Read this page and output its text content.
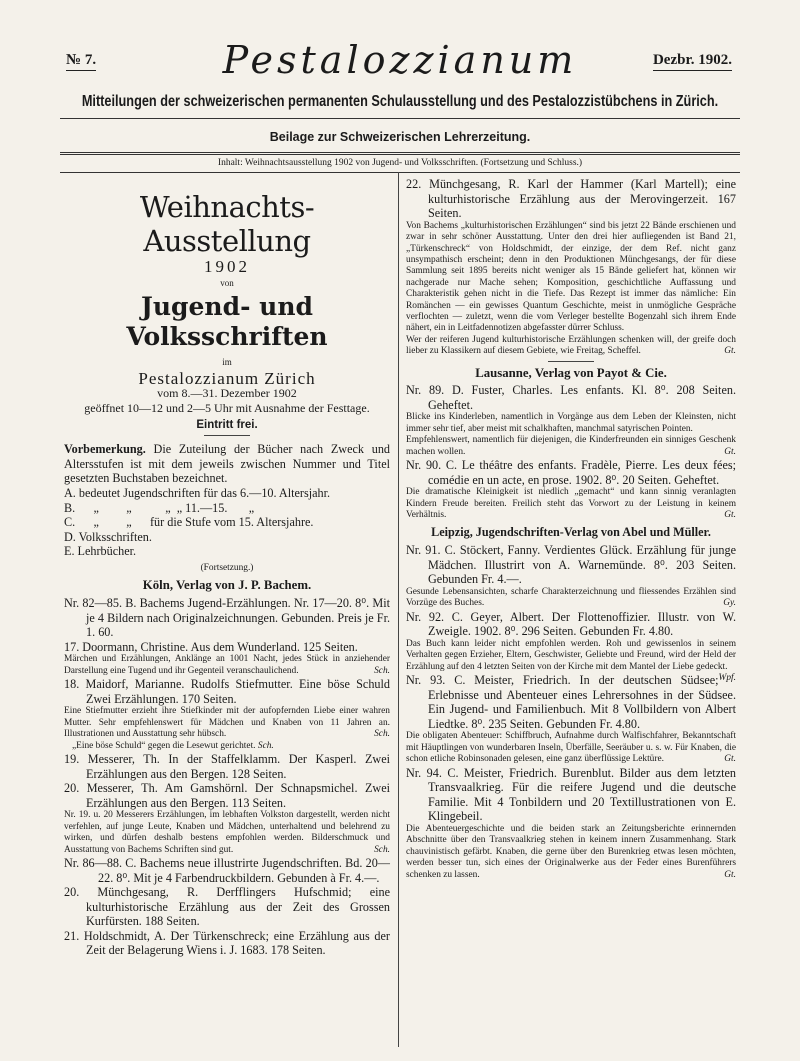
№ 7.	Pestalozzianum	Dezbr. 1902.
Mitteilungen der schweizerischen permanenten Schulausstellung und des Pestalozzistübchens in Zürich.
Beilage zur Schweizerischen Lehrerzeitung.
Inhalt: Weihnachtsausstellung 1902 von Jugend- und Volksschriften. (Fortsetzung und Schluss.)

Weihnachts-Ausstellung

1902

von

Jugend- und Volksschriften

im

Pestalozzianum Zürich

vom 8.—31. Dezember 1902

geöffnet 10—12 und 2—5 Uhr mit Ausnahme der Festtage.

Eintritt frei.

Vorbemerkung. Die Zuteilung der Bücher nach Zweck und Altersstufen ist mit dem jeweils zwischen Nummer und Titel gesetzten Buchstaben bezeichnet.

A. bedeutet Jugendschriften für das 6.—10. Altersjahr.

B.      „         „           „  „ 11.—15.       „

C.      „         „      für die Stufe vom 15. Altersjahre.

D. Volksschriften.

E. Lehrbücher.

(Fortsetzung.)

Köln, Verlag von J. P. Bachem.

Nr. 82—85. B. Bachems Jugend-Erzählungen. Nr. 17—20. 8⁰. Mit je 4 Bildern nach Originalzeichnungen. Gebunden. Preis je Fr. 1. 60.

17. Doormann, Christine. Aus dem Wunderland. 125 Seiten.

Märchen und Erzählungen, Anklänge an 1001 Nacht, jedes Stück in anziehender Darstellung eine Tugend und ihr Gegenteil veranschaulichend.	Sch.

18. Maidorf, Marianne. Rudolfs Stiefmutter. Eine böse Schuld Zwei Erzählungen. 170 Seiten.

Eine Stiefmutter erzieht ihre Stiefkinder mit der aufopfernden Liebe einer wahren Mutter. Sehr empfehlenswert für Mädchen und Knaben von 11 Jahren an. Illustrationen und Ausstattung sehr hübsch.	Sch.

„Eine böse Schuld“ gegen die Lesewut gerichtet. Sch.

19. Messerer, Th. In der Staffelklamm. Der Kasperl. Zwei Erzählungen aus den Bergen. 128 Seiten.

20. Messerer, Th. Am Gamshörnl. Der Schnapsmichel. Zwei Erzählungen aus den Bergen. 113 Seiten.

Nr. 19. u. 20 Messerers Erzählungen, im lebhaften Volkston dargestellt, werden nicht verfehlen, auf junge Leute, Knaben und Mädchen, unterhaltend und belehrend zu wirken, und dürfen deshalb bestens empfohlen werden. Bilderschmuck und Ausstattung von Bachems Schriften sind gut.	Sch.

Nr. 86—88. C. Bachems neue illustrirte Jugendschriften. Bd. 20—22. 8⁰. Mit je 4 Farbendruckbildern. Gebunden à Fr. 4.—.

20. Münchgesang, R. Derfflingers Hufschmid; eine kulturhistorische Erzählung aus der Zeit des Grossen Kurfürsten. 188 Seiten.

21. Holdschmidt, A. Der Türkenschreck; eine Erzählung aus der Zeit der Belagerung Wiens i. J. 1683. 178 Seiten.

22. Münchgesang, R. Karl der Hammer (Karl Martell); eine kulturhistorische Erzählung aus der Merovingerzeit. 167 Seiten.

Von Bachems „kulturhistorischen Erzählungen“ sind bis jetzt 22 Bände erschienen und zwar in sehr schöner Ausstattung. Unter den drei hier aufliegenden ist Band 21, „Türkenschreck“ von Holdschmidt, der einzige, der dem Ref. nicht ganz unsympathisch erscheint; denn in den Produktionen Münchgesangs, der für diese Sammlung seit 1895 bereits nicht weniger als 15 Bände geliefert hat, können wir nachgerade nur Mache sehen; Komposition, geschichtliche Auffassung und Charakteristik gehen nicht in die Tiefe. Das Rezept ist immer das nämliche: Ein Romänchen — ein gewisses Quantum Geschichte, meist in unmögliche Gespräche verflochten — zuletzt, wenn die vom Verleger bestellte Bogenzahl sich ihrem Ende nähert, ein in Leitfadennotizen abgefasster dürrer Schluss.

Wer der reiferen Jugend kulturhistorische Erzählungen schenken will, der greife doch lieber zu Klassikern auf diesem Gebiete, wie Freitag, Scheffel.	Gt.

Lausanne, Verlag von Payot & Cie.

Nr. 89. D. Fuster, Charles. Les enfants. Kl. 8⁰. 208 Seiten. Geheftet.

Blicke ins Kinderleben, namentlich in Vorgänge aus dem Leben der Kleinsten, nicht immer sehr tief, aber meist mit schalkhaften, manchmal satyrischen Pointen.

Empfehlenswert, namentlich für diejenigen, die Kinderfreunden ein sinniges Geschenk machen wollen.	Gt.

Nr. 90. C. Le théâtre des enfants. Fradèle, Pierre. Les deux fées; comédie en un acte, en prose. 1902. 8⁰. 20 Seiten. Geheftet.

Die dramatische Kleinigkeit ist niedlich „gemacht“ und kann sinnig veranlagten Kindern Freude bereiten. Freilich steht das Vorwort zu der Leistung in keinem Verhältnis.	Gt.

Leipzig, Jugendschriften-Verlag von Abel und Müller.

Nr. 91. C. Stöckert, Fanny. Verdientes Glück. Erzählung für junge Mädchen. Illustrirt von A. Warnemünde. 8⁰. 203 Seiten. Gebunden Fr. 4.—.

Gesunde Lebensansichten, scharfe Charakterzeichnung und fliessendes Erzählen sind Vorzüge des Buches.	Gy.

Nr. 92. C. Geyer, Albert. Der Flottenoffizier. Illustr. von W. Zweigle. 1902. 8⁰. 296 Seiten. Gebunden Fr. 4.80.

Das Buch kann leider nicht empfohlen werden. Roh und gewissenlos in seinem Verhalten gegen Erzieher, Eltern, Geschwister, Geliebte und Freund, wird der Held der Erzählung auf den 4 letzten Seiten von der Kirche mit dem Mantel der Liebe gedeckt.
Wpf.

Nr. 93. C. Meister, Friedrich. In der deutschen Südsee; Erlebnisse und Abenteuer eines Lehrersohnes in der Südsee. Ein Jugend- und Familienbuch. Mit 8 Vollbildern von Albert Liedtke. 8⁰. 235 Seiten. Gebunden Fr. 4.80.

Die obligaten Abenteuer: Schiffbruch, Aufnahme durch Walfischfahrer, Bekanntschaft mit Häuptlingen von wunderbaren Inseln, Überfälle, Seeräuber u. s. w. Für Knaben, die schon etliche Robinsonaden gelesen, eine ganz überflüssige Lektüre.	Gt.

Nr. 94. C. Meister, Friedrich. Burenblut. Bilder aus dem letzten Transvaalkrieg. Für die reifere Jugend und die deutsche Familie. Mit 4 Tonbildern und 20 Textillustrationen von E. Klingebeil.

Die Abenteuergeschichte und die beiden stark an Zeitungsberichte erinnernden Abschnitte über den Transvaalkrieg stehen in keinem innern Zusammenhang. Stark chauvinistisch gefärbt. Knaben, die gerne über den Burenkrieg etwas lesen möchten, werden besser tun, sich eines der Originalwerke aus der Feder eines Burenführers schenken zu lassen.	Gt.
